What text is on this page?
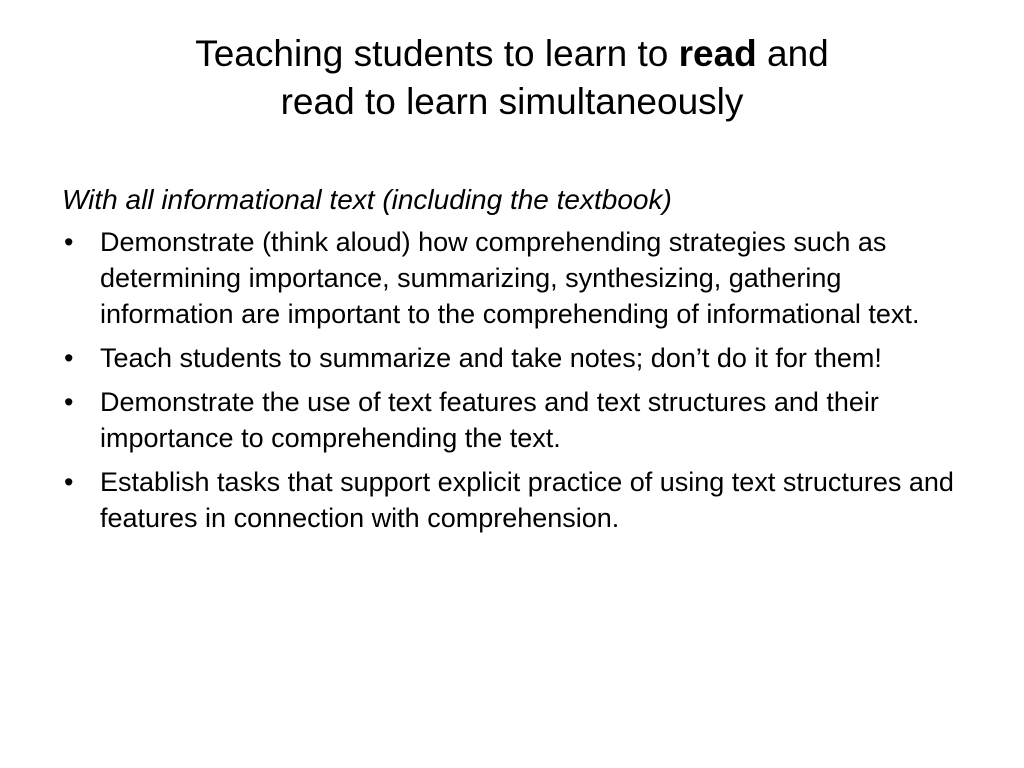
Teaching students to learn to read and
read to learn simultaneously

With all informational text (including the textbook)

• Demonstrate (think aloud) how comprehending strategies such as determining importance, summarizing, synthesizing, gathering information are important to the comprehending of informational text.
• Teach students to summarize and take notes; don’t do it for them!
• Demonstrate the use of text features and text structures and their importance to comprehending the text.
• Establish tasks that support explicit practice of using text structures and features in connection with comprehension.
